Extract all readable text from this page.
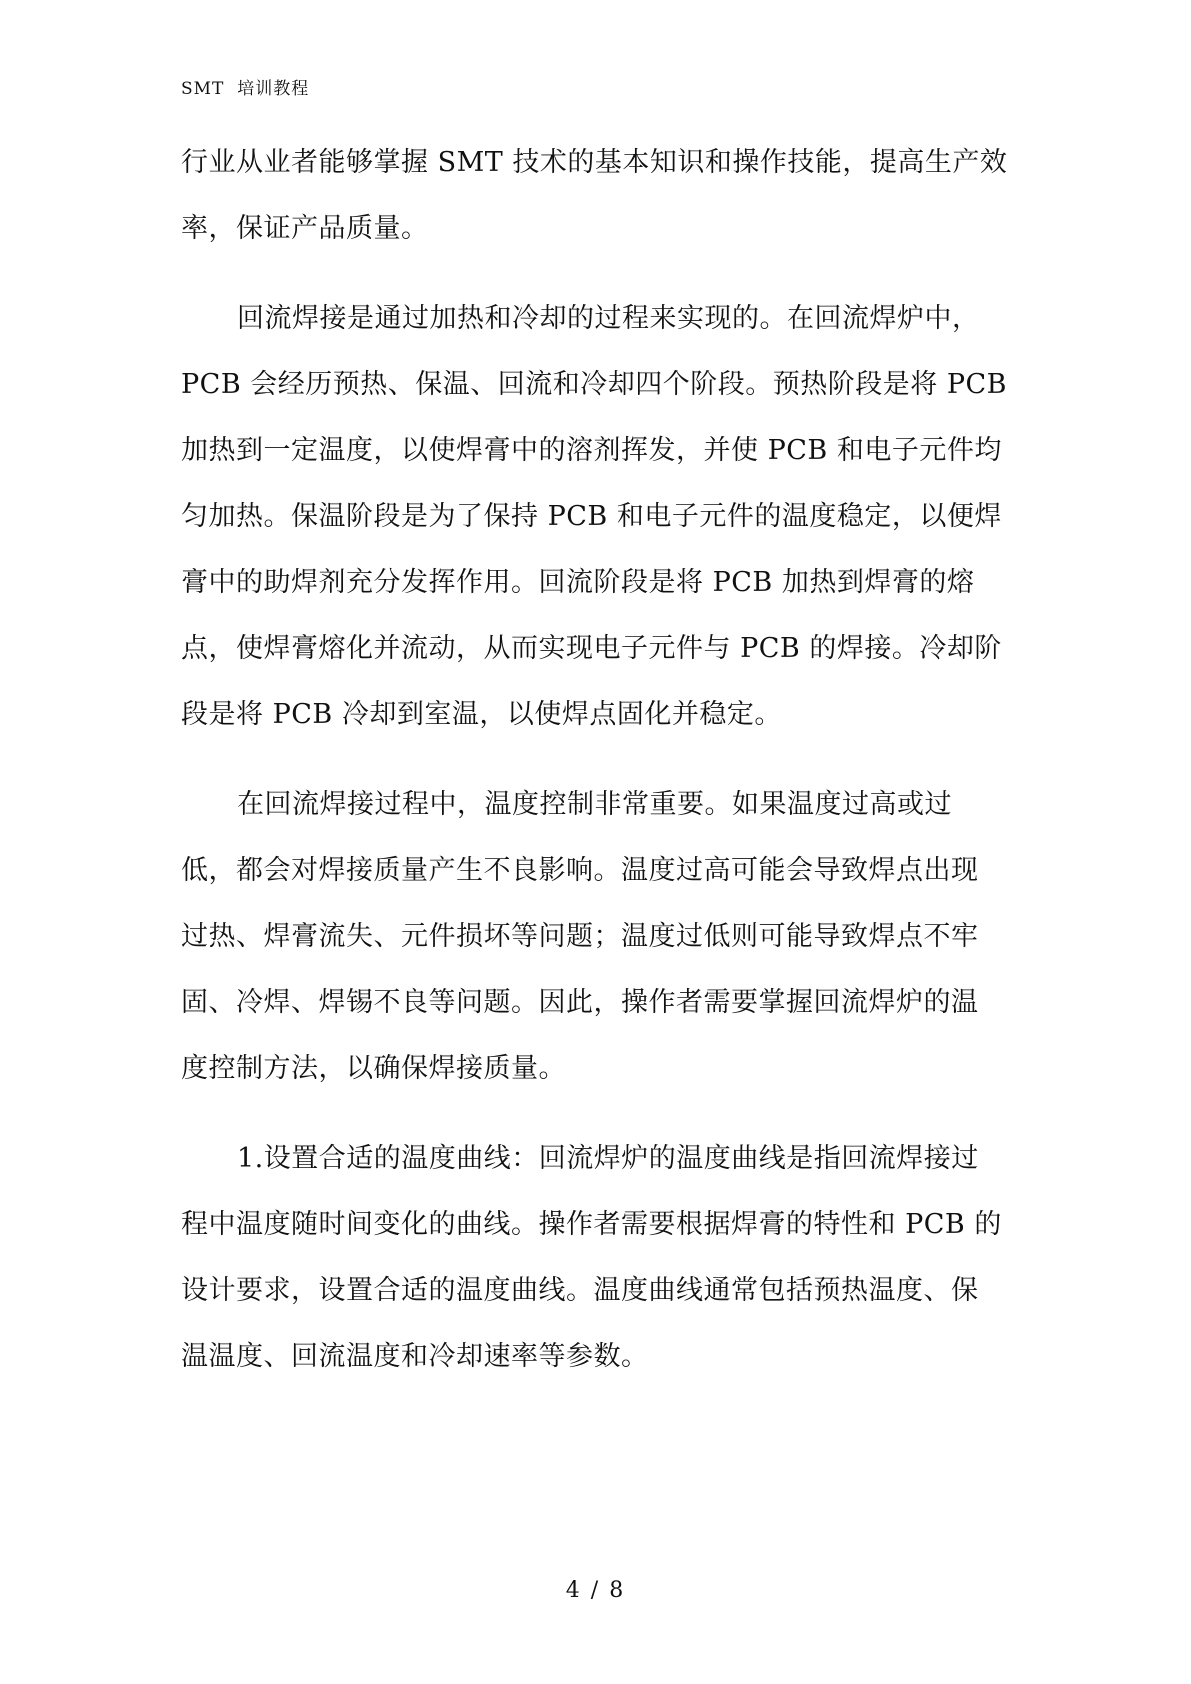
SMT  培训教程
行业从业者能够掌握 SMT 技术的基本知识和操作技能，提高生产效
率，保证产品质量。
回流焊接是通过加热和冷却的过程来实现的。在回流焊炉中，
PCB 会经历预热、保温、回流和冷却四个阶段。预热阶段是将 PCB
加热到一定温度，以使焊膏中的溶剂挥发，并使 PCB 和电子元件均
匀加热。保温阶段是为了保持 PCB 和电子元件的温度稳定，以便焊
膏中的助焊剂充分发挥作用。回流阶段是将 PCB 加热到焊膏的熔
点，使焊膏熔化并流动，从而实现电子元件与 PCB 的焊接。冷却阶
段是将 PCB 冷却到室温，以使焊点固化并稳定。
在回流焊接过程中，温度控制非常重要。如果温度过高或过
低，都会对焊接质量产生不良影响。温度过高可能会导致焊点出现
过热、焊膏流失、元件损坏等问题；温度过低则可能导致焊点不牢
固、冷焊、焊锡不良等问题。因此，操作者需要掌握回流焊炉的温
度控制方法，以确保焊接质量。
1.设置合适的温度曲线：回流焊炉的温度曲线是指回流焊接过
程中温度随时间变化的曲线。操作者需要根据焊膏的特性和 PCB 的
设计要求，设置合适的温度曲线。温度曲线通常包括预热温度、保
温温度、回流温度和冷却速率等参数。
4 / 8
